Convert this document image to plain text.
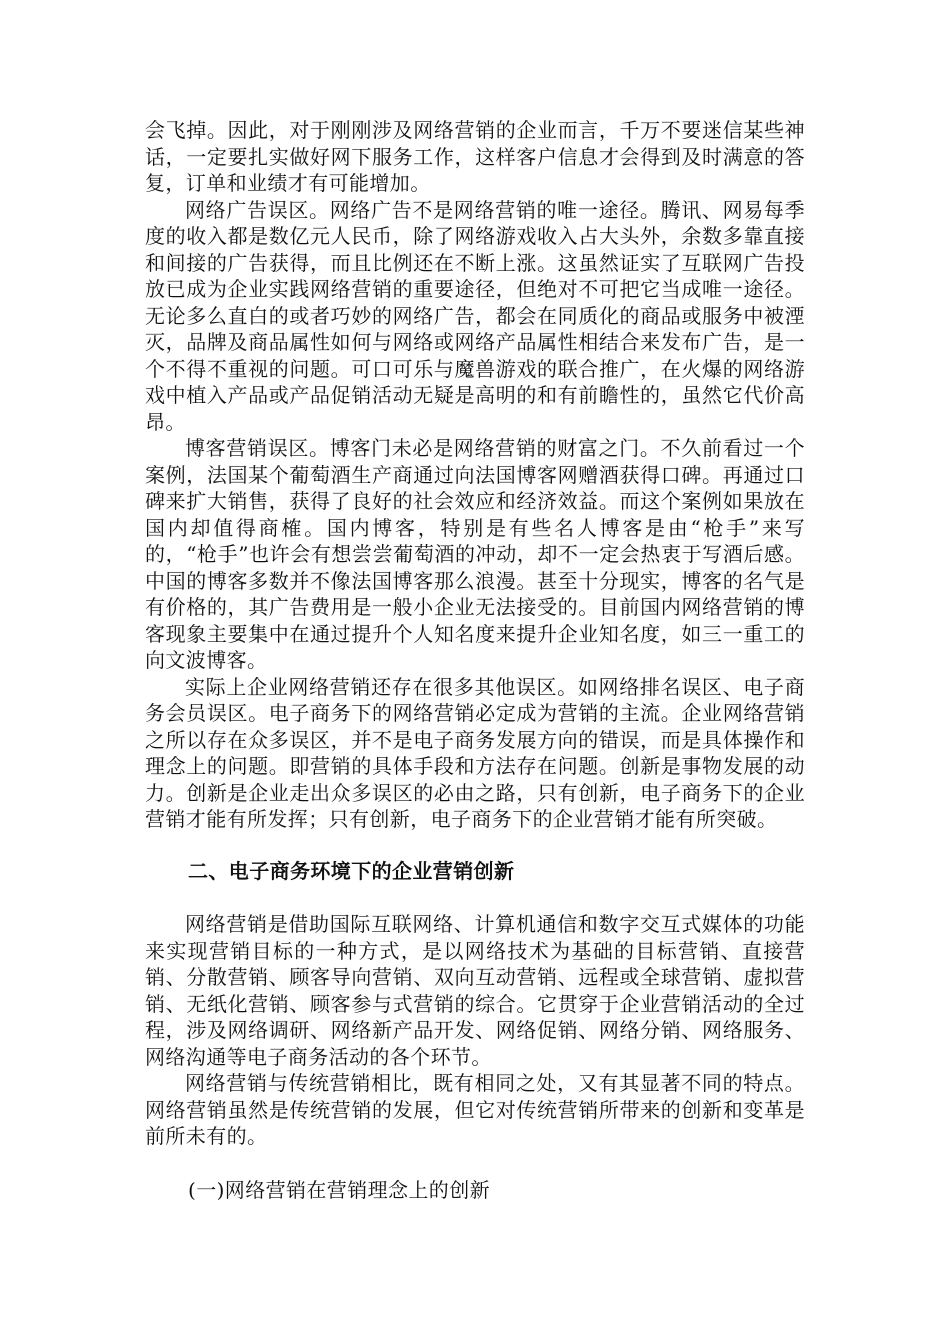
会飞掉。因此，对于刚刚涉及网络营销的企业而言，千万不要迷信某些神话，一定要扎实做好网下服务工作，这样客户信息才会得到及时满意的答复，订单和业绩才有可能增加。

网络广告误区。网络广告不是网络营销的唯一途径。腾讯、网易每季度的收入都是数亿元人民币，除了网络游戏收入占大头外，余数多靠直接和间接的广告获得，而且比例还在不断上涨。这虽然证实了互联网广告投放已成为企业实践网络营销的重要途径，但绝对不可把它当成唯一途径。无论多么直白的或者巧妙的网络广告，都会在同质化的商品或服务中被湮灭，品牌及商品属性如何与网络或网络产品属性相结合来发布广告，是一个不得不重视的问题。可口可乐与魔兽游戏的联合推广，在火爆的网络游戏中植入产品或产品促销活动无疑是高明的和有前瞻性的，虽然它代价高昂。

博客营销误区。博客门未必是网络营销的财富之门。不久前看过一个案例，法国某个葡萄酒生产商通过向法国博客网赠酒获得口碑。再通过口碑来扩大销售，获得了良好的社会效应和经济效益。而这个案例如果放在国内却值得商榷。国内博客，特别是有些名人博客是由“枪手”来写的，“枪手”也许会有想尝尝葡萄酒的冲动，却不一定会热衷于写酒后感。中国的博客多数并不像法国博客那么浪漫。甚至十分现实，博客的名气是有价格的，其广告费用是一般小企业无法接受的。目前国内网络营销的博客现象主要集中在通过提升个人知名度来提升企业知名度，如三一重工的向文波博客。

实际上企业网络营销还存在很多其他误区。如网络排名误区、电子商务会员误区。电子商务下的网络营销必定成为营销的主流。企业网络营销之所以存在众多误区，并不是电子商务发展方向的错误，而是具体操作和理念上的问题。即营销的具体手段和方法存在问题。创新是事物发展的动力。创新是企业走出众多误区的必由之路，只有创新，电子商务下的企业营销才能有所发挥；只有创新，电子商务下的企业营销才能有所突破。

二、电子商务环境下的企业营销创新

网络营销是借助国际互联网络、计算机通信和数字交互式媒体的功能来实现营销目标的一种方式，是以网络技术为基础的目标营销、直接营销、分散营销、顾客导向营销、双向互动营销、远程或全球营销、虚拟营销、无纸化营销、顾客参与式营销的综合。它贯穿于企业营销活动的全过程，涉及网络调研、网络新产品开发、网络促销、网络分销、网络服务、网络沟通等电子商务活动的各个环节。

网络营销与传统营销相比，既有相同之处，又有其显著不同的特点。网络营销虽然是传统营销的发展，但它对传统营销所带来的创新和变革是前所未有的。

(一)网络营销在营销理念上的创新
